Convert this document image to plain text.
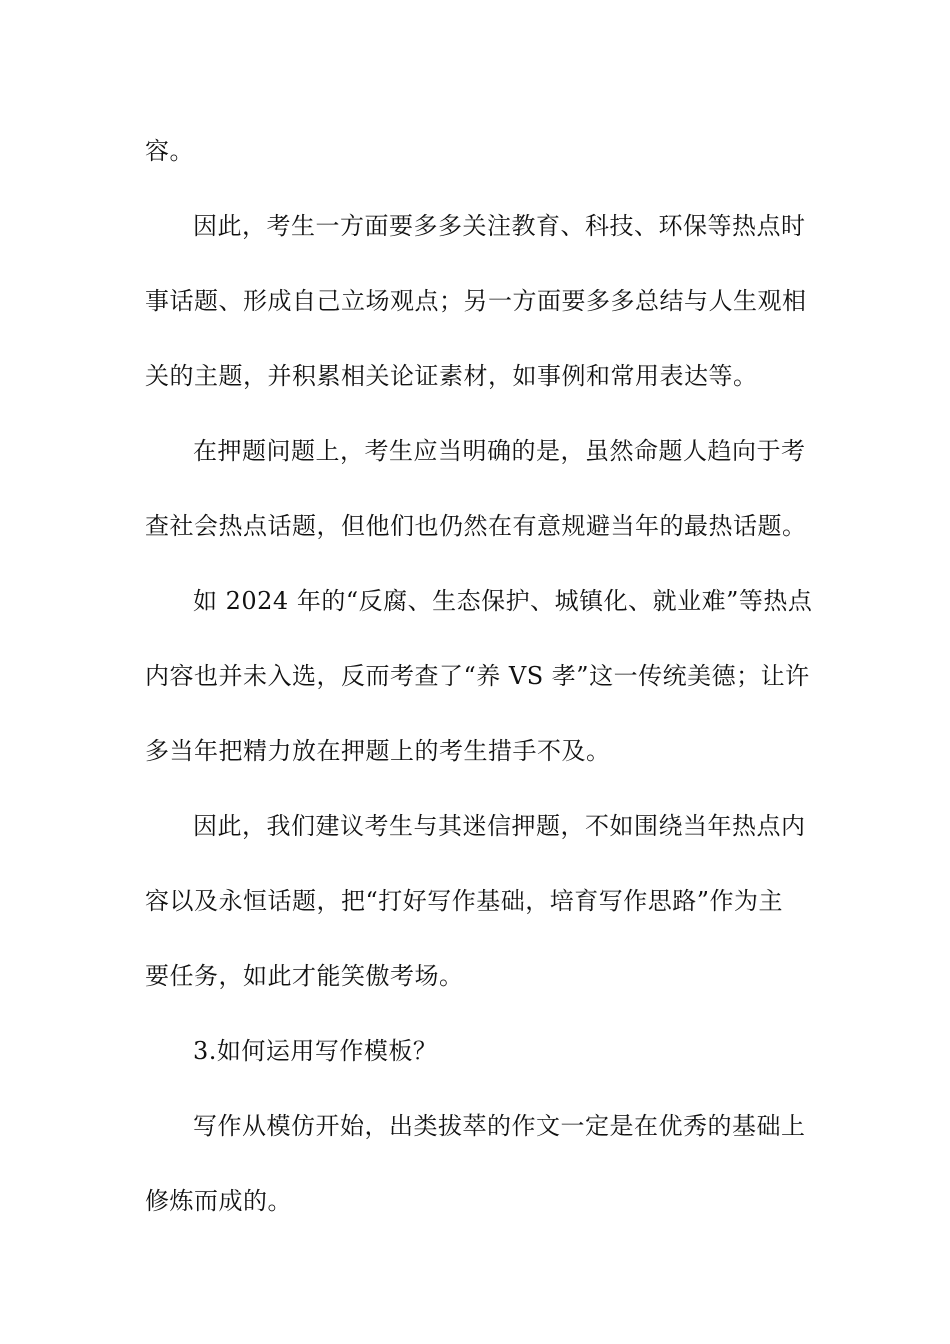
容。
因此，考生一方面要多多关注教育、科技、环保等热点时
事话题、形成自己立场观点；另一方面要多多总结与人生观相
关的主题，并积累相关论证素材，如事例和常用表达等。
在押题问题上，考生应当明确的是，虽然命题人趋向于考
查社会热点话题，但他们也仍然在有意规避当年的最热话题。
如 2024 年的“反腐、生态保护、城镇化、就业难”等热点
内容也并未入选，反而考查了“养 VS 孝”这一传统美德；让许
多当年把精力放在押题上的考生措手不及。
因此，我们建议考生与其迷信押题，不如围绕当年热点内
容以及永恒话题，把“打好写作基础，培育写作思路”作为主
要任务，如此才能笑傲考场。
3.如何运用写作模板？
写作从模仿开始，出类拔萃的作文一定是在优秀的基础上
修炼而成的。
